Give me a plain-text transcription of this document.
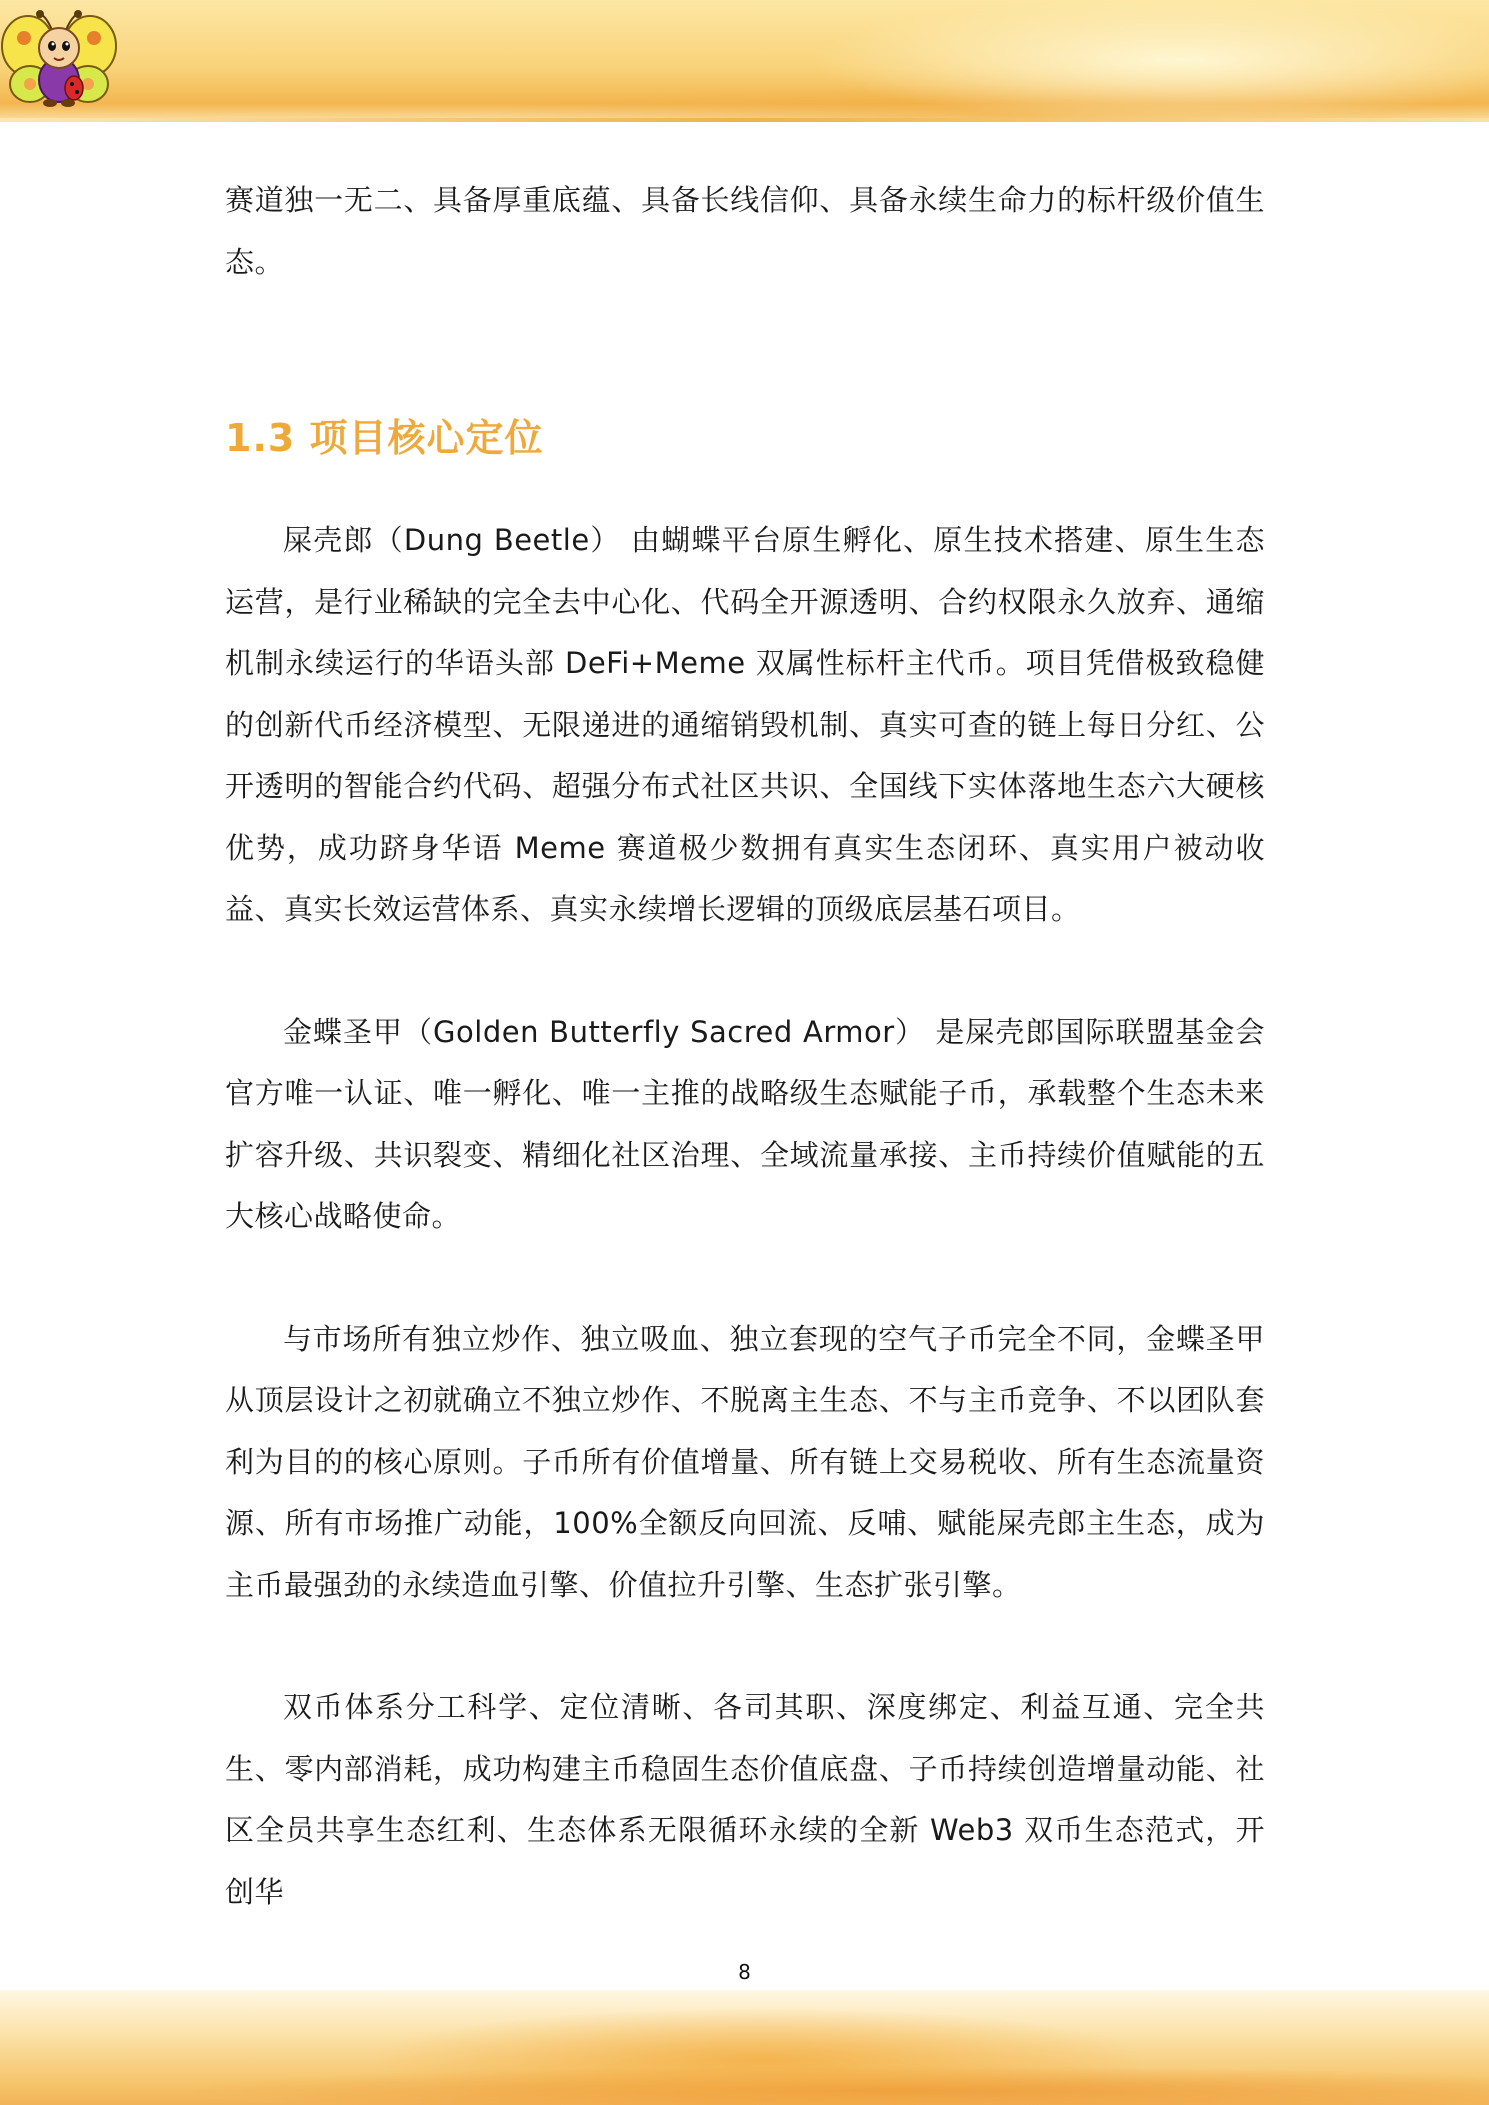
赛道独一无二、具备厚重底蕴、具备长线信仰、具备永续生命力的标杆级价值生态。

1.3 项目核心定位

屎壳郎（Dung Beetle） 由蝴蝶平台原生孵化、原生技术搭建、原生生态运营，是行业稀缺的完全去中心化、代码全开源透明、合约权限永久放弃、通缩机制永续运行的华语头部 DeFi+Meme 双属性标杆主代币。项目凭借极致稳健的创新代币经济模型、无限递进的通缩销毁机制、真实可查的链上每日分红、公开透明的智能合约代码、超强分布式社区共识、全国线下实体落地生态六大硬核优势，成功跻身华语 Meme 赛道极少数拥有真实生态闭环、真实用户被动收益、真实长效运营体系、真实永续增长逻辑的顶级底层基石项目。

金蝶圣甲（Golden Butterfly Sacred Armor） 是屎壳郎国际联盟基金会官方唯一认证、唯一孵化、唯一主推的战略级生态赋能子币，承载整个生态未来扩容升级、共识裂变、精细化社区治理、全域流量承接、主币持续价值赋能的五大核心战略使命。

与市场所有独立炒作、独立吸血、独立套现的空气子币完全不同，金蝶圣甲从顶层设计之初就确立不独立炒作、不脱离主生态、不与主币竞争、不以团队套利为目的的核心原则。子币所有价值增量、所有链上交易税收、所有生态流量资源、所有市场推广动能，100%全额反向回流、反哺、赋能屎壳郎主生态，成为主币最强劲的永续造血引擎、价值拉升引擎、生态扩张引擎。

双币体系分工科学、定位清晰、各司其职、深度绑定、利益互通、完全共生、零内部消耗，成功构建主币稳固生态价值底盘、子币持续创造增量动能、社区全员共享生态红利、生态体系无限循环永续的全新 Web3 双币生态范式，开创华

8
